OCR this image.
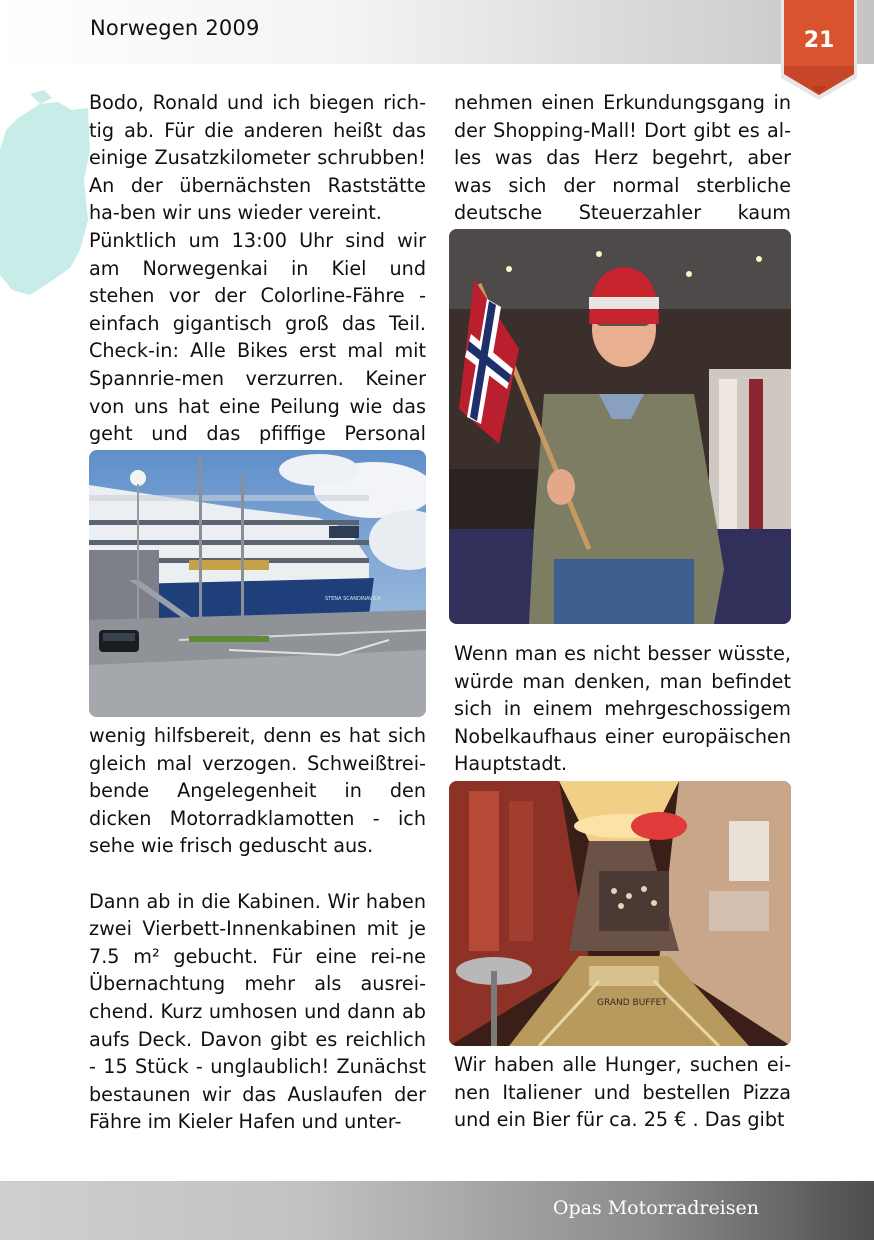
Norwegen 2009	21

Bodo, Ronald und ich biegen rich-tig ab. Für die anderen heißt das einige Zusatzkilometer schrubben! An der übernächsten Raststätte ha-ben wir uns wieder vereint.

Pünktlich um 13:00 Uhr sind wir am Norwegenkai in Kiel und stehen vor der Colorline-Fähre - einfach gigantisch groß das Teil. Check-in: Alle Bikes erst mal mit Spannrie-men verzurren. Keiner von uns hat eine Peilung wie das geht und das pfiffige Personal

STENA SCANDINAVICA

wenig hilfsbereit, denn es hat sich gleich mal verzogen. Schweißtrei-bende Angelegenheit in den dicken Motorradklamotten - ich sehe wie frisch geduscht aus.

Dann ab in die Kabinen. Wir haben zwei Vierbett-Innenkabinen mit je 7.5 m² gebucht. Für eine rei-ne Übernachtung mehr als ausrei-chend. Kurz umhosen und dann ab aufs Deck. Davon gibt es reichlich - 15 Stück - unglaublich! Zunächst bestaunen wir das Auslaufen der Fähre im Kieler Hafen und unter-

nehmen einen Erkundungsgang in der Shopping-Mall! Dort gibt es al-les was das Herz begehrt, aber was sich der normal sterbliche deutsche Steuerzahler kaum

Wenn man es nicht besser wüsste, würde man denken, man befindet sich in einem mehrgeschossigem Nobelkaufhaus einer europäischen Hauptstadt.

GRAND BUFFET

Wir haben alle Hunger, suchen ei-nen Italiener und bestellen Pizza und ein Bier für ca. 25 € . Das gibt

Opas Motorradreisen
